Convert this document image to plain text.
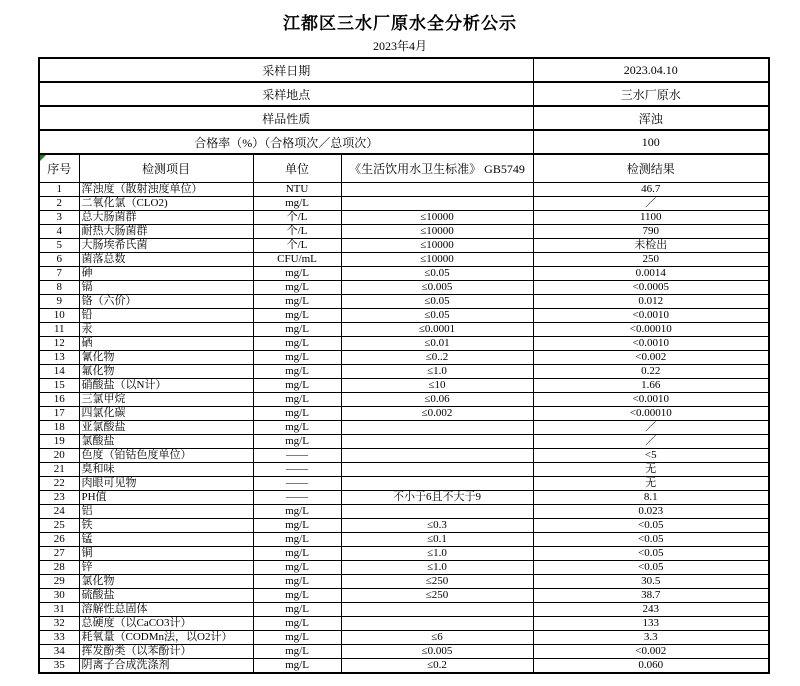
江都区三水厂原水全分析公示
2023年4月
采样日期				2023.04.10
采样地点				三水厂原水
样品性质				浑浊
合格率（%）（合格项次／总项次）				100

序号	检测项目	单位	《生活饮用水卫生标准》 GB5749	检测结果
1	浑浊度（散射浊度单位）	NTU		46.7
2	二氧化氯（CLO2)	mg/L		／
3	总大肠菌群	个/L	≤10000	1100
4	耐热大肠菌群	个/L	≤10000	790
5	大肠埃希氏菌	个/L	≤10000	未检出
6	菌落总数	CFU/mL	≤10000	250
7	砷	mg/L	≤0.05	0.0014
8	镉	mg/L	≤0.005	<0.0005
9	铬（六价）	mg/L	≤0.05	0.012
10	铅	mg/L	≤0.05	<0.0010
11	汞	mg/L	≤0.0001	<0.00010
12	硒	mg/L	≤0.01	<0.0010
13	氰化物	mg/L	≤0..2	<0.002
14	氟化物	mg/L	≤1.0	0.22
15	硝酸盐（以N计）	mg/L	≤10	1.66
16	三氯甲烷	mg/L	≤0.06	<0.0010
17	四氯化碳	mg/L	≤0.002	<0.00010
18	亚氯酸盐	mg/L		／
19	氯酸盐	mg/L		／
20	色度（铂钴色度单位）	——		<5
21	臭和味	——		无
22	肉眼可见物	——		无
23	PH值	——	不小于6且不大于9	8.1
24	铝	mg/L		0.023
25	铁	mg/L	≤0.3	<0.05
26	锰	mg/L	≤0.1	<0.05
27	铜	mg/L	≤1.0	<0.05
28	锌	mg/L	≤1.0	<0.05
29	氯化物	mg/L	≤250	30.5
30	硫酸盐	mg/L	≤250	38.7
31	溶解性总固体	mg/L		243
32	总硬度（以CaCO3计）	mg/L		133
33	耗氧量（CODMn法，以O2计）	mg/L	≤6	3.3
34	挥发酚类（以苯酚计）	mg/L	≤0.005	<0.002
35	阴离子合成洗涤剂	mg/L	≤0.2	0.060
